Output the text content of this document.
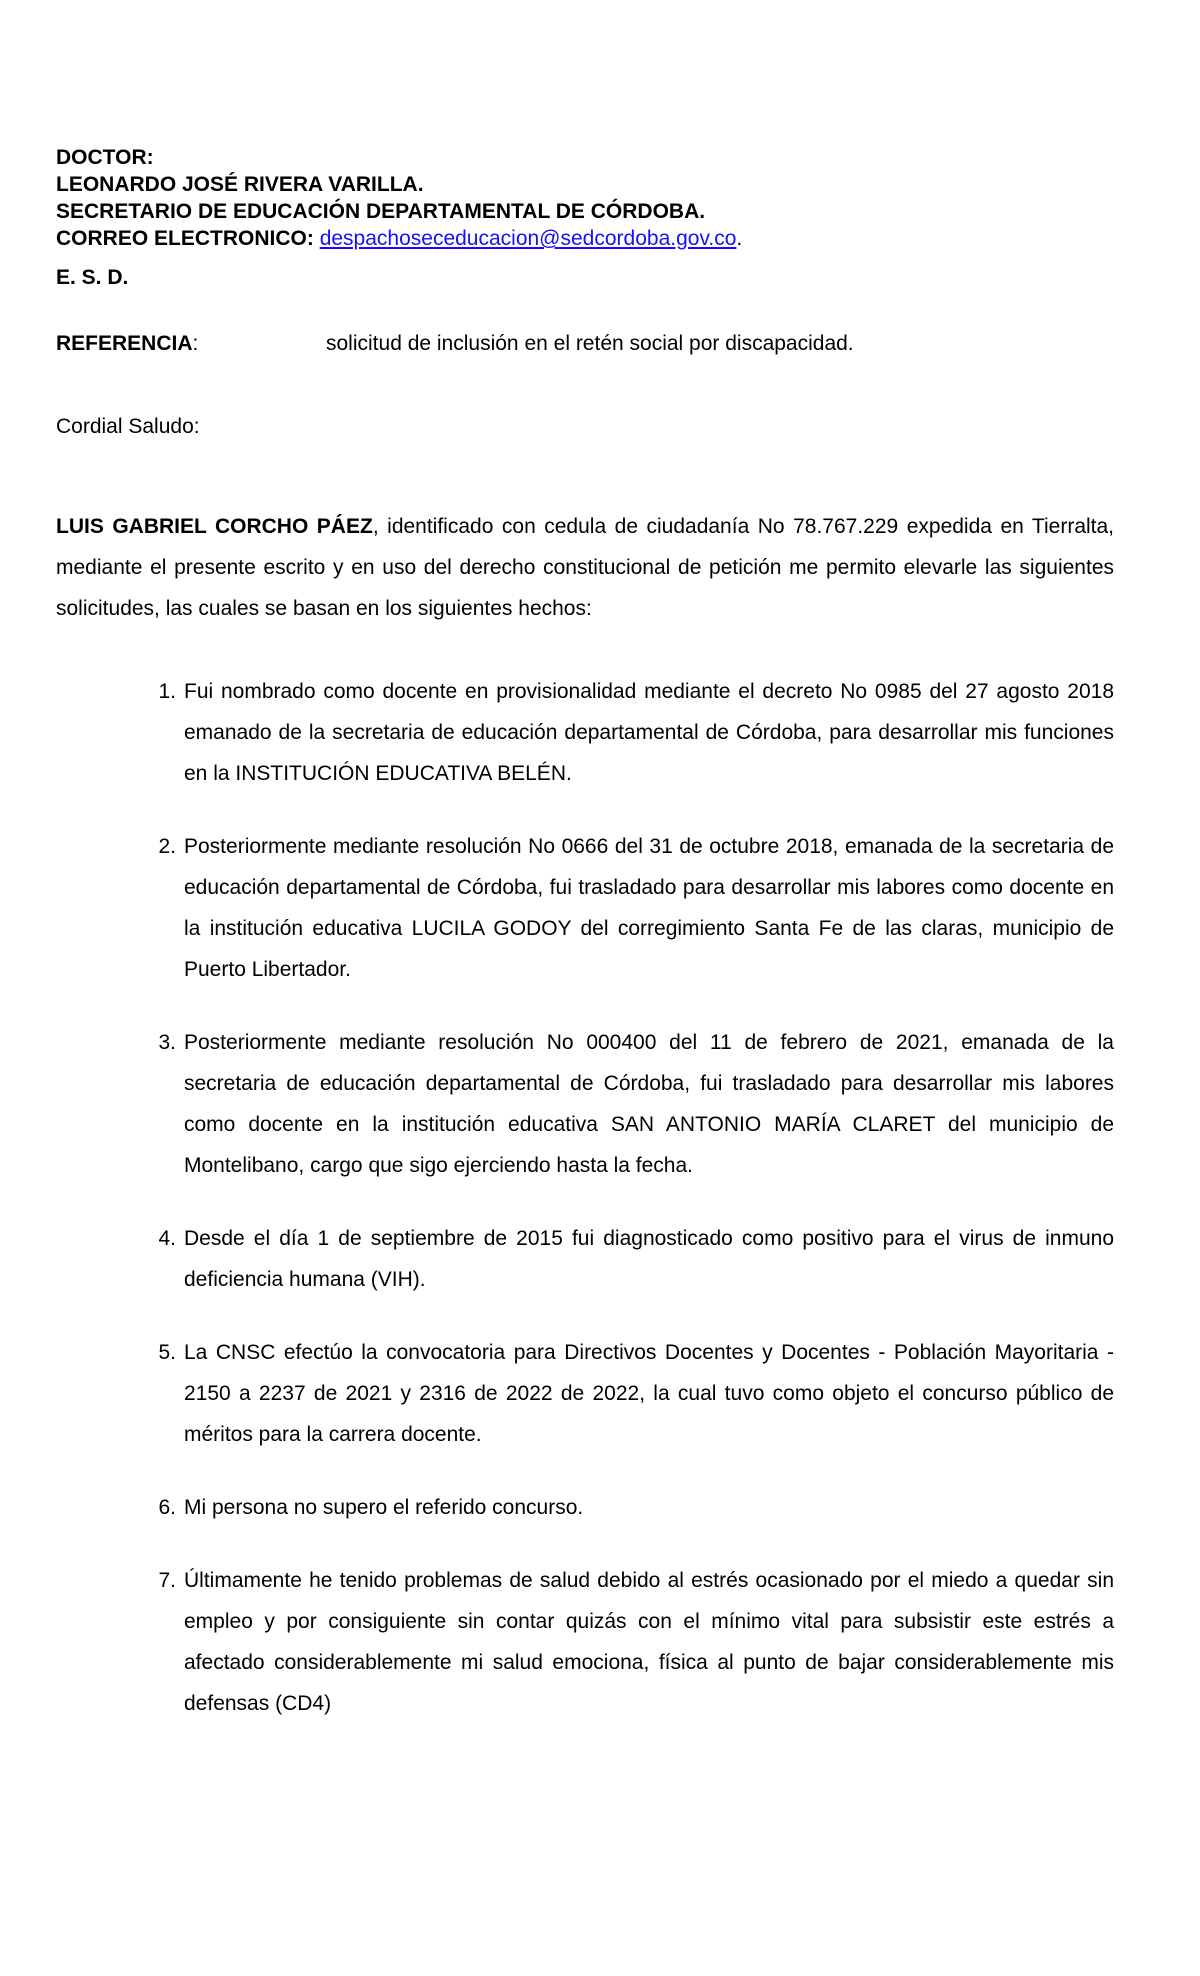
DOCTOR:
LEONARDO JOSÉ RIVERA VARILLA.
SECRETARIO DE EDUCACIÓN DEPARTAMENTAL DE CÓRDOBA.
CORREO ELECTRONICO: despachoseceducacion@sedcordoba.gov.co.
E. S. D.
REFERENCIA:	solicitud de inclusión en el retén social por discapacidad.
Cordial Saludo:
LUIS GABRIEL CORCHO PÁEZ, identificado con cedula de ciudadanía No 78.767.229 expedida en Tierralta, mediante el presente escrito y en uso del derecho constitucional de petición me permito elevarle las siguientes solicitudes, las cuales se basan en los siguientes hechos:
1. Fui nombrado como docente en provisionalidad mediante el decreto No 0985 del 27 agosto 2018 emanado de la secretaria de educación departamental de Córdoba, para desarrollar mis funciones en la INSTITUCIÓN EDUCATIVA BELÉN.
2. Posteriormente mediante resolución No 0666 del 31 de octubre 2018, emanada de la secretaria de educación departamental de Córdoba, fui trasladado para desarrollar mis labores como docente en la institución educativa LUCILA GODOY del corregimiento Santa Fe de las claras, municipio de Puerto Libertador.
3. Posteriormente mediante resolución No 000400 del 11 de febrero de 2021, emanada de la secretaria de educación departamental de Córdoba, fui trasladado para desarrollar mis labores como docente en la institución educativa SAN ANTONIO MARÍA CLARET del municipio de Montelibano, cargo que sigo ejerciendo hasta la fecha.
4. Desde el día 1 de septiembre de 2015 fui diagnosticado como positivo para el virus de inmuno deficiencia humana (VIH).
5. La CNSC efectúo la convocatoria para Directivos Docentes y Docentes - Población Mayoritaria - 2150 a 2237 de 2021 y 2316 de 2022 de 2022, la cual tuvo como objeto el concurso público de méritos para la carrera docente.
6. Mi persona no supero el referido concurso.
7. Últimamente he tenido problemas de salud debido al estrés ocasionado por el miedo a quedar sin empleo y por consiguiente sin contar quizás con el mínimo vital para subsistir este estrés a afectado considerablemente mi salud emociona, física al punto de bajar considerablemente mis defensas (CD4)
